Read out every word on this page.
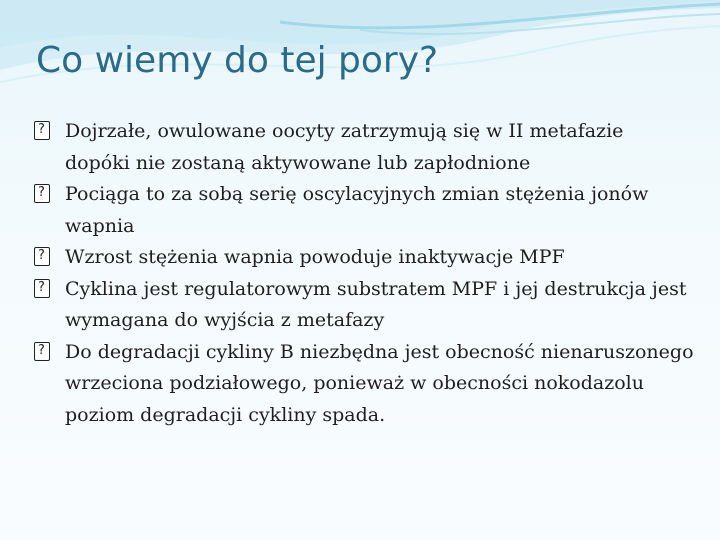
Co wiemy do tej pory?
?
Dojrzałe, owulowane oocyty zatrzymują się w II metafazie dopóki nie zostaną aktywowane lub zapłodnione
?
Pociąga to za sobą serię oscylacyjnych zmian stężenia jonów wapnia
?
Wzrost stężenia wapnia powoduje inaktywacje MPF
?
Cyklina jest regulatorowym substratem MPF i jej destrukcja jest wymagana do wyjścia z metafazy
?
Do degradacji cykliny B niezbędna jest obecność nienaruszonego wrzeciona podziałowego, ponieważ w obecności nokodazolu poziom degradacji cykliny spada.
